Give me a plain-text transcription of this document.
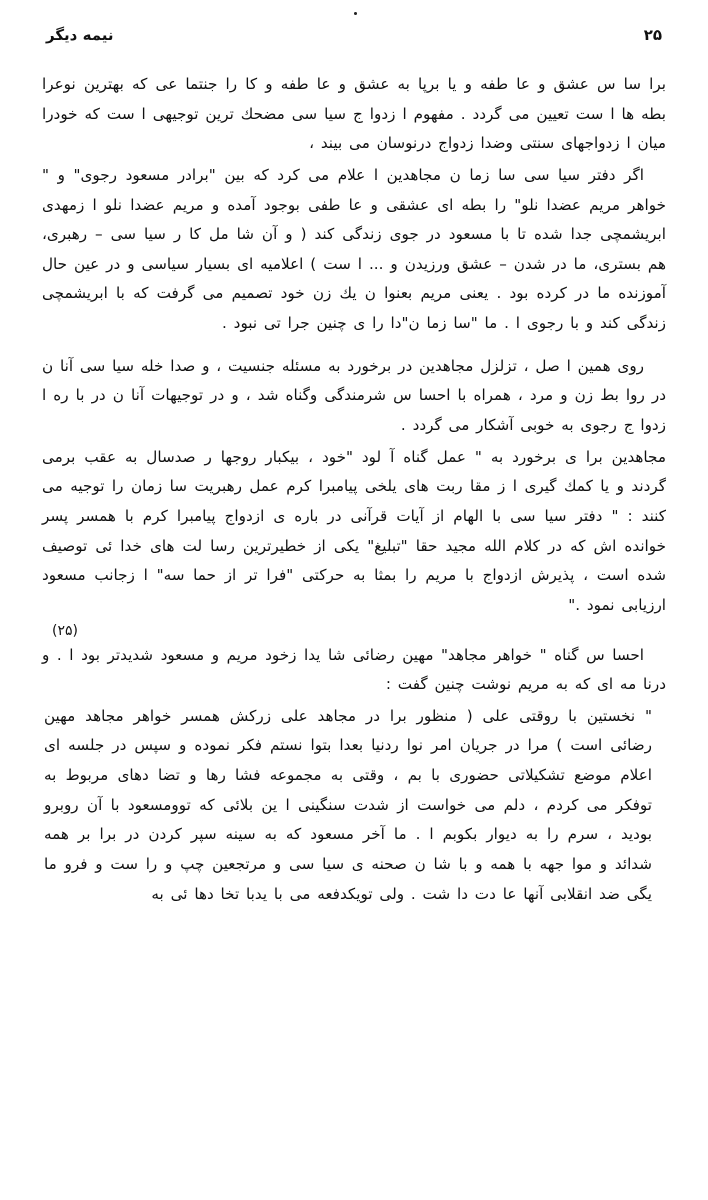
نيمه ديگر	۲۵

برا سا س عشق و عا طفه و يا برپا به عشق و عا طفه و كا را جنتما عى كه بهترين نوعرا بطه ها ا ست تعيين مى گردد . مفهوم ا زدوا ج سيا سى مضحك ترين توجيهى ا ست كه خودرا ميان ا زدواجهاى سنتى وضدا زدواج درنوسان مى بيند ،

اگر دفتر سيا سى سا زما ن مجاهدين ا علام مى كرد كه بين "برادر مسعود رجوى" و " خواهر مريم عضدا نلو" را بطه اى عشقى و عا طفى بوجود آمده و مريم عضدا نلو ا زمهدى ابريشمچى جدا شده تا با مسعود در جوى زندگى كند ( و آن شا مل كا ر سيا سى – رهبرى، هم بسترى، ما در شدن – عشق ورزيدن و ... ا ست ) اعلاميه اى بسيار سياسى و در عين حال آموزنده ما در كرده بود . يعنى مريم بعنوا ن يك زن خود تصميم مى گرفت كه با ابريشمچى زندگى كند و با رجوى ا . ما "سا زما ن"دا را ى چنين جرا تى نبود .

روى همين ا صل ، تزلزل مجاهدين در برخورد به مسئله جنسيت ، و صدا خله سيا سى آنا ن در روا بط زن و مرد ، همراه با احسا س شرمندگى وگناه شد ، و در توجيهات آنا ن در با ره ا زدوا ج رجوى به خوبى آشكار مى گردد .

مجاهدين برا ى برخورد به " عمل گناه آ لود "خود ، بيكبار روجها ر صدسال به عقب برمى گردند و يا كمك گيرى ا ز مقا ربت هاى يلخى پيامبرا كرم عمل رهبريت سا زمان را توجيه مى كنند : " دفتر سيا سى با الهام از آيات قرآنى در باره ى ازدواج پيامبرا كرم با همسر پسر خوانده اش كه در كلام الله مجيد حقا "تبليغ" يكى از خطيرترين رسا لت هاى خدا ئى توصيف شده است ، پذيرش ازدواج با مريم را بمثا به حركتى "فرا تر از حما سه" ا زجانب مسعود ارزيابى نمود ."

(۲۵)

احسا س گناه " خواهر مجاهد" مهين رضائى شا يدا زخود مريم و مسعود شديدتر بود ا . و درنا مه اى كه به مريم نوشت چنين گفت :

" نخستين با روقتى على ( منظور برا در مجاهد على زركش همسر خواهر مجاهد مهين رضائى است ) مرا در جريان امر نوا ردنيا بعدا بتوا نستم فكر نموده و سپس در جلسه اى اعلام موضع تشكيلاتى حضورى با بم ، وقتى به مجموعه فشا رها و تضا دهاى مربوط به توفكر مى كردم ، دلم مى خواست از شدت سنگينى ا ين بلائى كه توومسعود با آن روبرو بوديد ، سرم را به ديوار بكوبم ا . ما آخر مسعود كه به سينه سپر كردن در برا بر همه شدائد و موا جهه با همه و با شا ن صحنه ى سيا سى و مرتجعين چپ و را ست و فرو ما يگى ضد انقلابى آنها عا دت دا شت . ولى تويكدفعه مى با يدبا تخا دها ئى به
